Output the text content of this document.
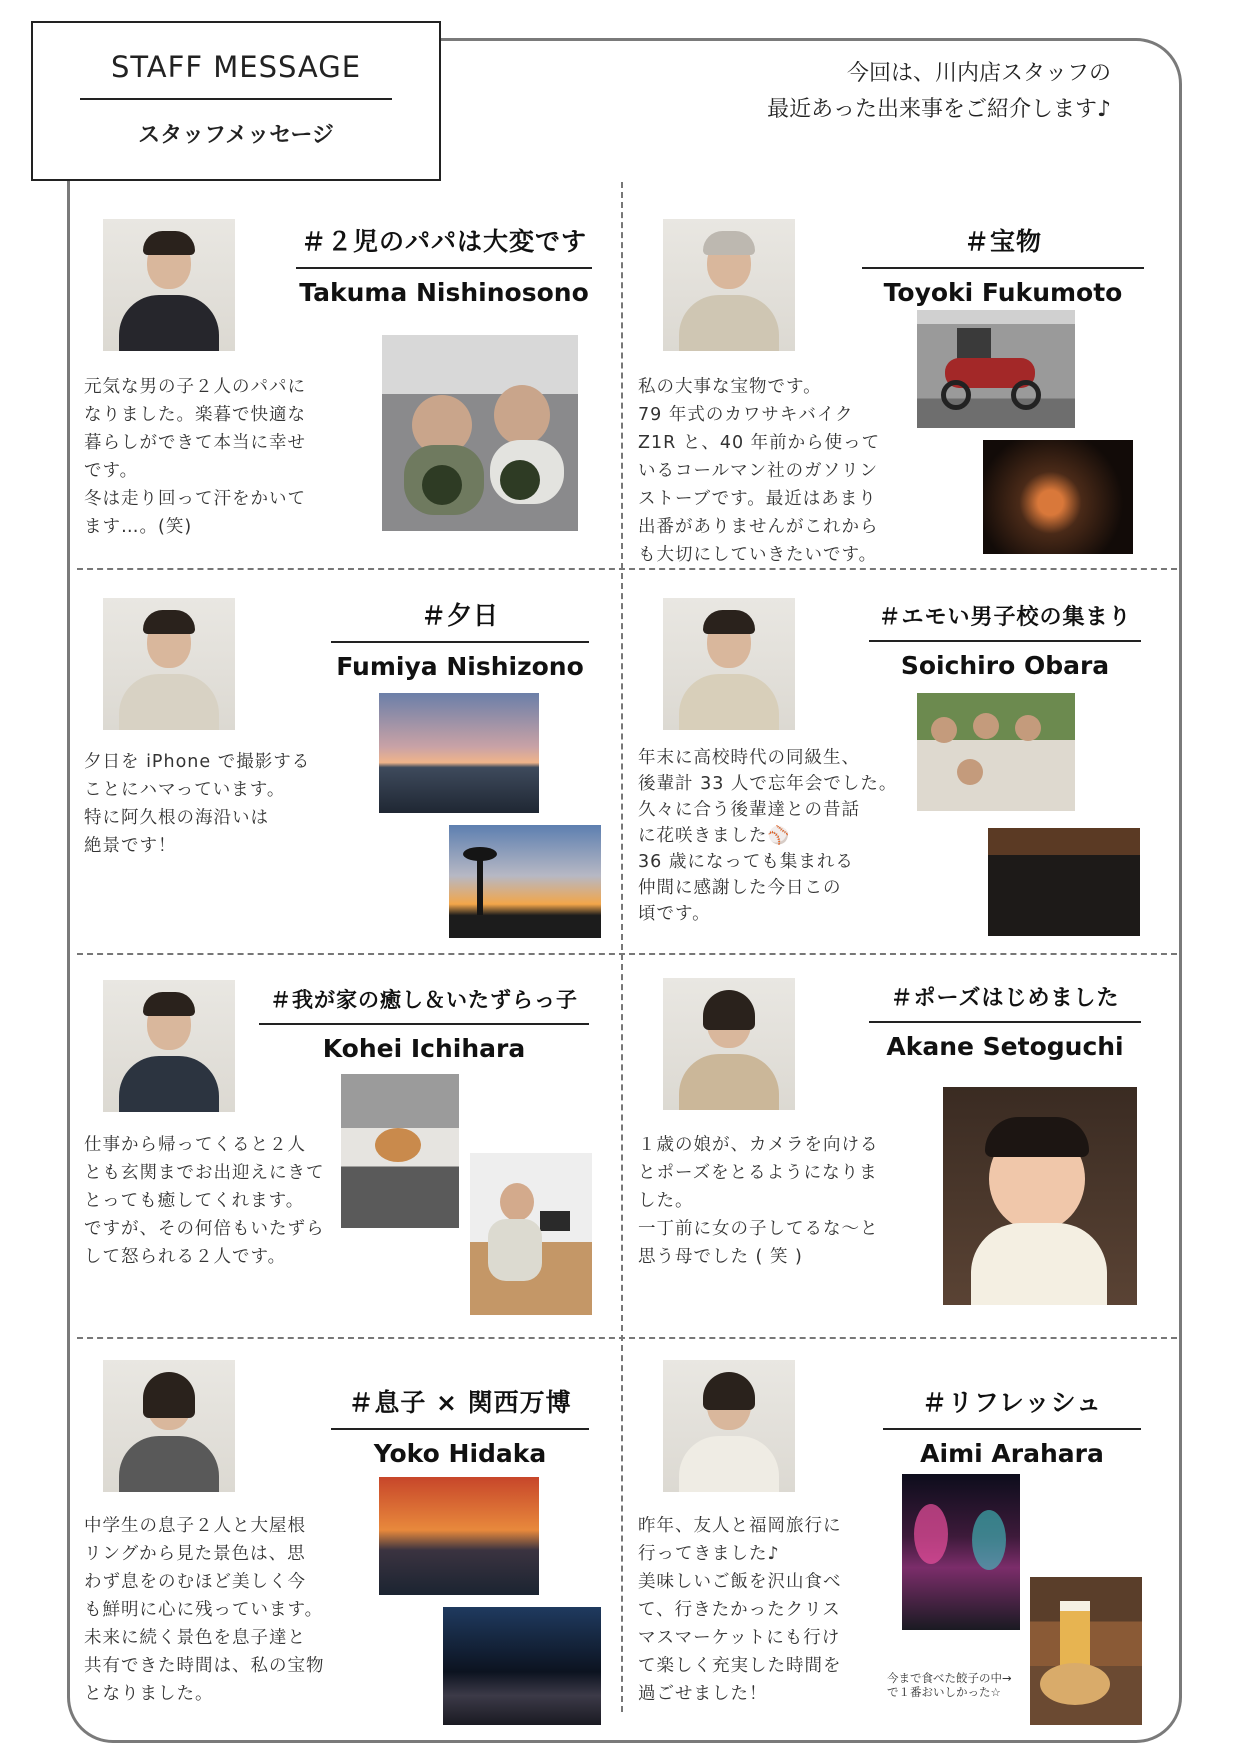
STAFF MESSAGE
スタッフメッセージ
今回は、川内店スタッフの
最近あった出来事をご紹介します♪
＃２児のパパは大変です
Takuma Nishinosono
元気な男の子２人のパパに
なりました。楽暮で快適な
暮らしができて本当に幸せ
です。
冬は走り回って汗をかいて
ます…。(笑)
＃宝物
Toyoki Fukumoto
私の大事な宝物です。
79 年式のカワサキバイク
Z1R と、40 年前から使って
いるコールマン社のガソリン
ストーブです。最近はあまり
出番がありませんがこれから
も大切にしていきたいです。
＃夕日
Fumiya Nishizono
夕日を iPhone で撮影する
ことにハマっています。
特に阿久根の海沿いは
絶景です！
＃エモい男子校の集まり
Soichiro Obara
年末に高校時代の同級生、
後輩計 33 人で忘年会でした。
久々に合う後輩達との昔話
に花咲きました⚾
36 歳になっても集まれる
仲間に感謝した今日この
頃です。
＃我が家の癒し＆いたずらっ子
Kohei Ichihara
仕事から帰ってくると２人
とも玄関までお出迎えにきて
とっても癒してくれます。
ですが、その何倍もいたずら
して怒られる２人です。
＃ポーズはじめました
Akane Setoguchi
１歳の娘が、カメラを向ける
とポーズをとるようになりま
した。
一丁前に女の子してるな～と
思う母でした ( 笑 )
＃息子 × 関西万博
Yoko Hidaka
中学生の息子２人と大屋根
リングから見た景色は、思
わず息をのむほど美しく今
も鮮明に心に残っています。
未来に続く景色を息子達と
共有できた時間は、私の宝物
となりました。
＃リフレッシュ
Aimi Arahara
昨年、友人と福岡旅行に
行ってきました♪
美味しいご飯を沢山食べ
て、行きたかったクリス
マスマーケットにも行け
て楽しく充実した時間を
過ごせました！
今まで食べた餃子の中→
で１番おいしかった☆
